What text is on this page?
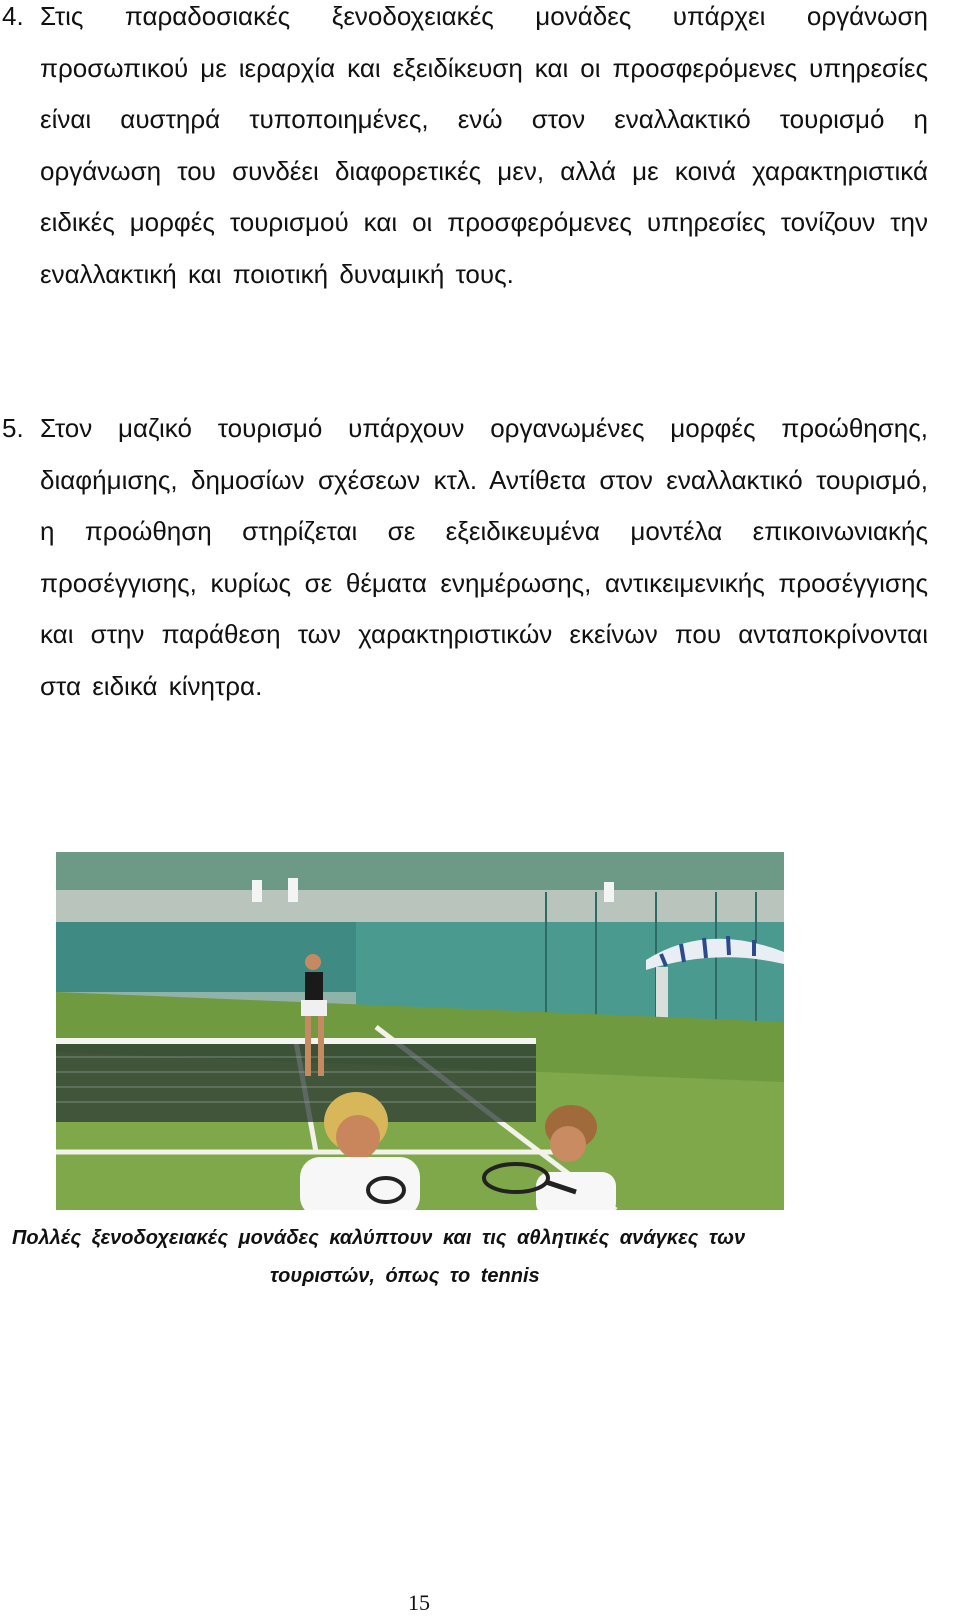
4. Στις παραδοσιακές ξενοδοχειακές μονάδες υπάρχει οργάνωση προσωπικού με ιεραρχία και εξειδίκευση και οι προσφερόμενες υπηρεσίες είναι αυστηρά τυποποιημένες, ενώ στον εναλλακτικό τουρισμό η οργάνωση του συνδέει διαφορετικές μεν, αλλά με κοινά χαρακτηριστικά ειδικές μορφές τουρισμού και οι προσφερόμενες υπηρεσίες τονίζουν την εναλλακτική και ποιοτική δυναμική τους.
5. Στον μαζικό τουρισμό υπάρχουν οργανωμένες μορφές προώθησης, διαφήμισης, δημοσίων σχέσεων κτλ. Αντίθετα στον εναλλακτικό τουρισμό, η προώθηση στηρίζεται σε εξειδικευμένα μοντέλα επικοινωνιακής προσέγγισης, κυρίως σε θέματα ενημέρωσης, αντικειμενικής προσέγγισης και στην παράθεση των χαρακτηριστικών εκείνων που ανταποκρίνονται στα ειδικά κίνητρα.
Πολλές ξενοδοχειακές μονάδες καλύπτουν και τις αθλητικές ανάγκες των
τουριστών, όπως το tennis
15
